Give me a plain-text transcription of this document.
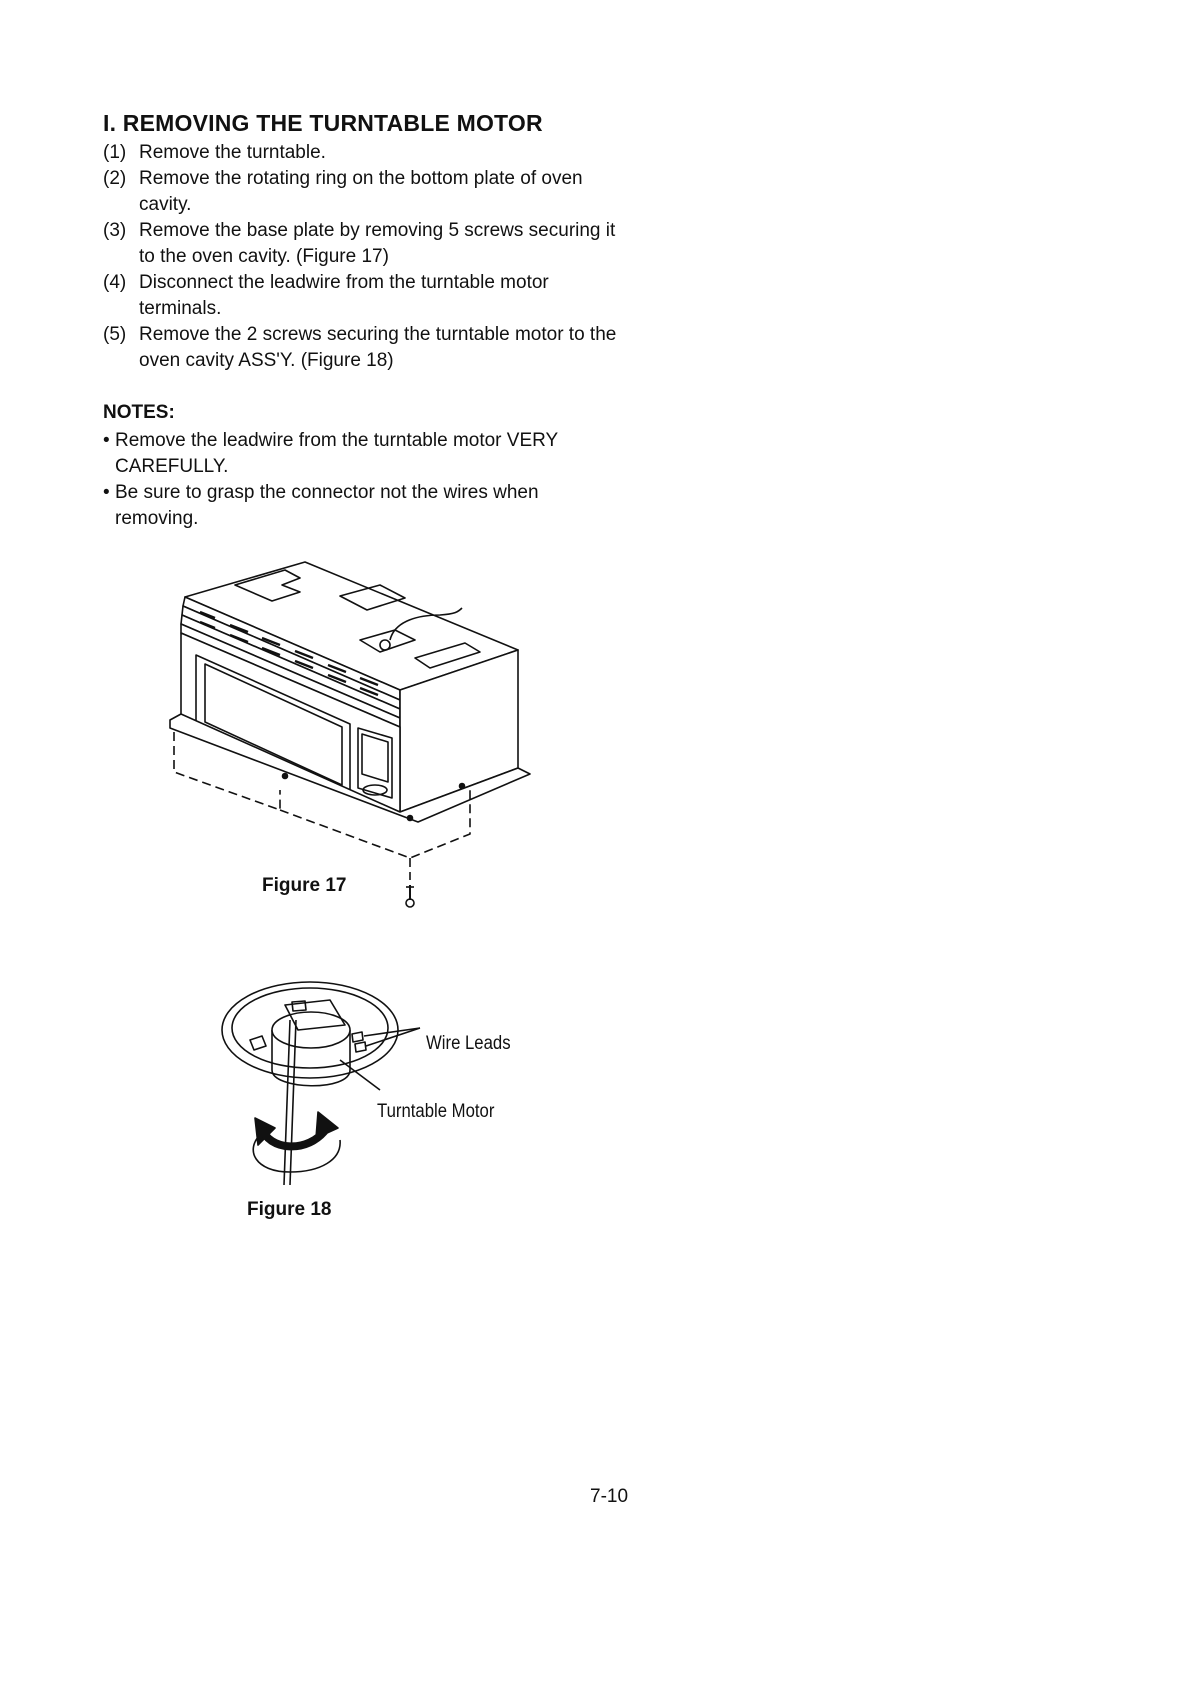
I. REMOVING THE TURNTABLE MOTOR
(1) Remove the turntable.
(2) Remove the rotating ring on the bottom plate of oven cavity.
(3) Remove the base plate by removing 5 screws securing it to the oven cavity. (Figure 17)
(4) Disconnect the leadwire from the turntable motor terminals.
(5) Remove the 2 screws securing the turntable motor to the oven cavity ASS'Y. (Figure 18)
NOTES:
• Remove the leadwire from the turntable motor VERY CAREFULLY.
• Be sure to grasp the connector not the wires when removing.
Figure 17
Wire Leads
Turntable Motor
Figure 18
7-10
